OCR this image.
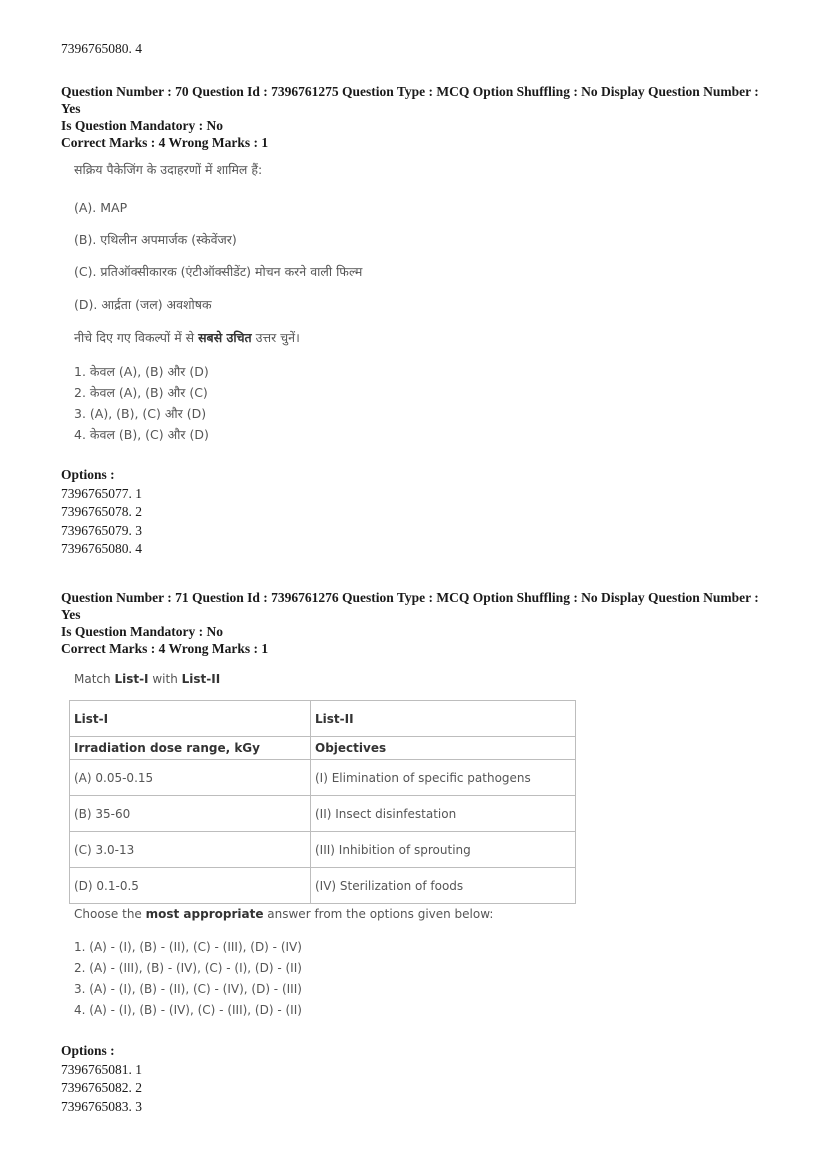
7396765080. 4
Question Number : 70 Question Id : 7396761275 Question Type : MCQ Option Shuffling : No Display Question Number : Yes
Is Question Mandatory : No
Correct Marks : 4 Wrong Marks : 1
सक्रिय पैकेजिंग के उदाहरणों में शामिल हैं:
(A). MAP
(B). एथिलीन अपमार्जक (स्केवेंजर)
(C). प्रतिऑक्सीकारक (एंटीऑक्सीडेंट) मोचन करने वाली फिल्म
(D). आर्द्रता (जल) अवशोषक
नीचे दिए गए विकल्पों में से सबसे उचित उत्तर चुनें।
1. केवल (A), (B) और (D)
2. केवल (A), (B) और (C)
3. (A), (B), (C) और (D)
4. केवल (B), (C) और (D)
Options :
7396765077. 1
7396765078. 2
7396765079. 3
7396765080. 4
Question Number : 71 Question Id : 7396761276 Question Type : MCQ Option Shuffling : No Display Question Number : Yes
Is Question Mandatory : No
Correct Marks : 4 Wrong Marks : 1
Match List-I with List-II
List-I	List-II
Irradiation dose range, kGy	Objectives
(A) 0.05-0.15	(I) Elimination of specific pathogens
(B) 35-60	(II) Insect disinfestation
(C) 3.0-13	(III) Inhibition of sprouting
(D) 0.1-0.5	(IV) Sterilization of foods
Choose the most appropriate answer from the options given below:
1. (A) - (I), (B) - (II), (C) - (III), (D) - (IV)
2. (A) - (III), (B) - (IV), (C) - (I), (D) - (II)
3. (A) - (I), (B) - (II), (C) - (IV), (D) - (III)
4. (A) - (I), (B) - (IV), (C) - (III), (D) - (II)
Options :
7396765081. 1
7396765082. 2
7396765083. 3
